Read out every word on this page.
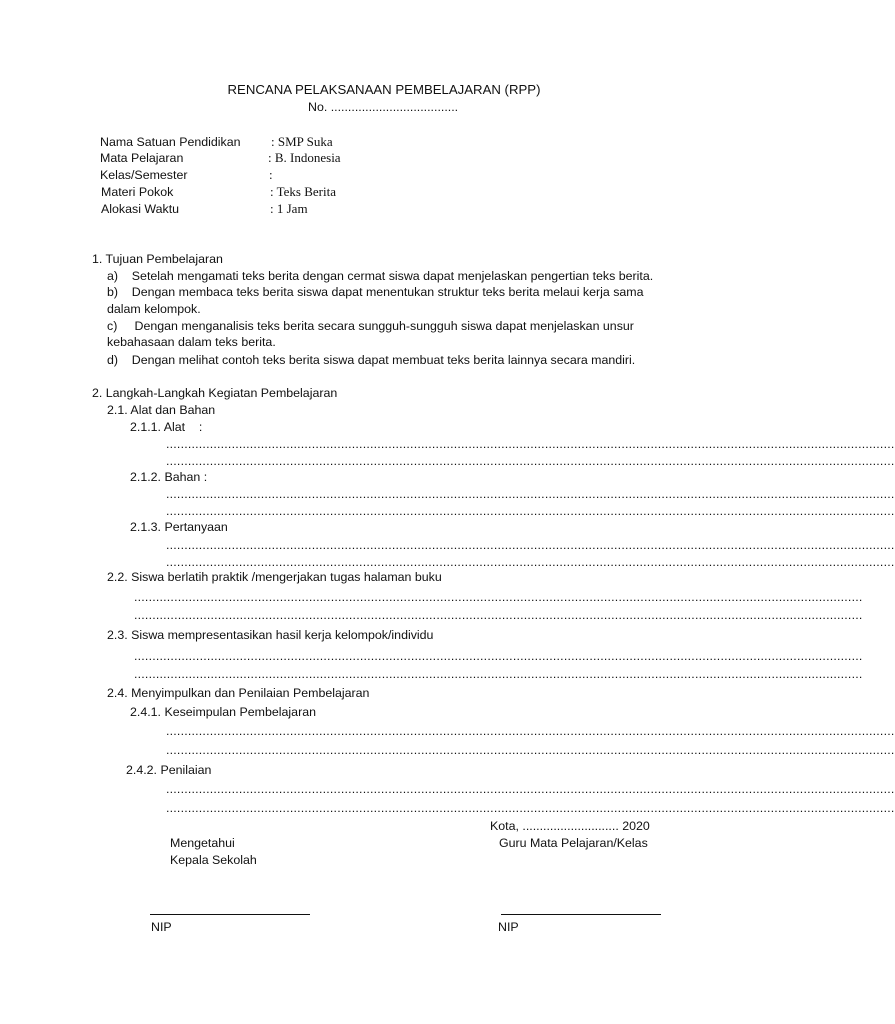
RENCANA PELAKSANAAN PEMBELAJARAN (RPP)
No. .....................................
Nama Satuan Pendidikan : SMP Suka
Mata Pelajaran	: B. Indonesia
Kelas/Semester	:
Materi Pokok	: Teks Berita
Alokasi Waktu	: 1 Jam
1. Tujuan Pembelajaran
a)    Setelah mengamati teks berita dengan cermat siswa dapat menjelaskan pengertian teks berita.
b)    Dengan membaca teks berita siswa dapat menentukan struktur teks berita melaui kerja sama
dalam kelompok.
c)     Dengan menganalisis teks berita secara sungguh-sungguh siswa dapat menjelaskan unsur
kebahasaan dalam teks berita.
d)    Dengan melihat contoh teks berita siswa dapat membuat teks berita lainnya secara mandiri.
2. Langkah-Langkah Kegiatan Pembelajaran
2.1. Alat dan Bahan
2.1.1. Alat    :
........................................................................................................................................................................................................
........................................................................................................................................................................................................
2.1.2. Bahan :
........................................................................................................................................................................................................
........................................................................................................................................................................................................
2.1.3. Pertanyaan
........................................................................................................................................................................................................
........................................................................................................................................................................................................
2.2. Siswa berlatih praktik /mengerjakan tugas halaman buku
........................................................................................................................................................................................................
........................................................................................................................................................................................................
2.3. Siswa mempresentasikan hasil kerja kelompok/individu
........................................................................................................................................................................................................
........................................................................................................................................................................................................
2.4. Menyimpulkan dan Penilaian Pembelajaran
2.4.1. Keseimpulan Pembelajaran
........................................................................................................................................................................................................
........................................................................................................................................................................................................
2.4.2. Penilaian
........................................................................................................................................................................................................
........................................................................................................................................................................................................
Kota, ............................ 2020
Mengetahui
Kepala Sekolah
Guru Mata Pelajaran/Kelas
NIP	NIP
